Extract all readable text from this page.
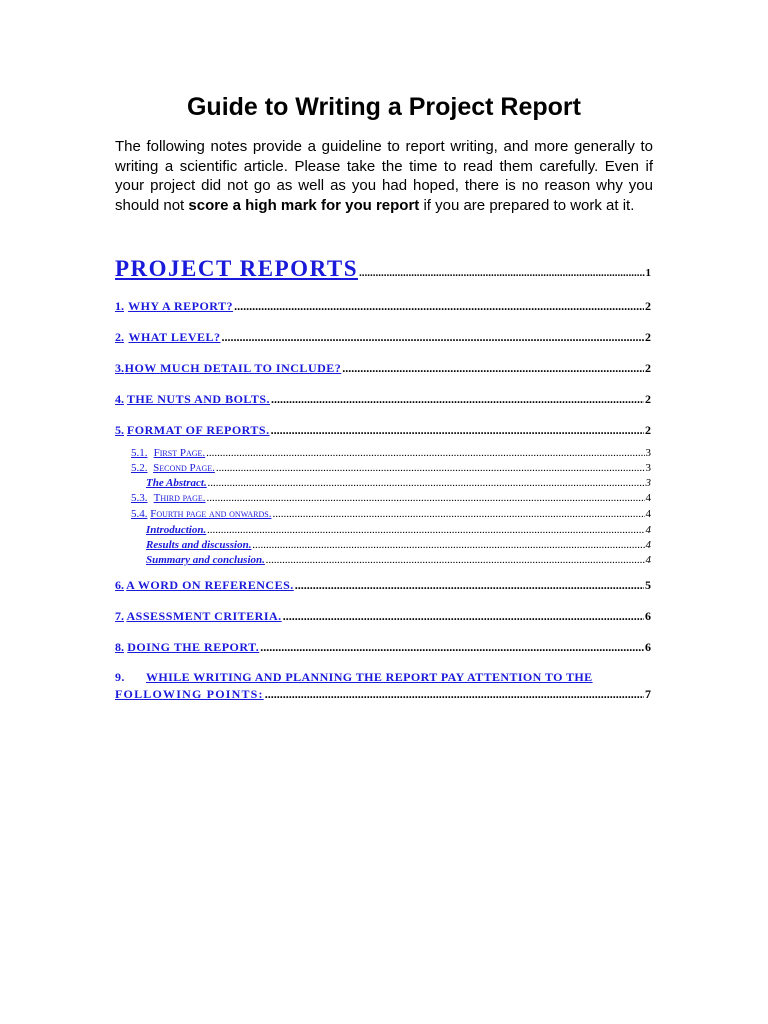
Guide to Writing a Project Report

The following notes provide a guideline to report writing, and more generally to writing a scientific article. Please take the time to read them carefully. Even if your project did not go as well as you had hoped, there is no reason why you should not score a high mark for you report if you are prepared to work at it.

PROJECT REPORTS .....	1
1. WHY A REPORT? .....	2
2. WHAT LEVEL? .....	2
3. HOW MUCH DETAIL TO INCLUDE? .....	2
4. THE NUTS AND BOLTS. .....	2
5. FORMAT OF REPORTS. .....	2
5.1. First Page. .....	3
5.2. Second Page. .....	3
The Abstract. .....	3
5.3. Third page. .....	4
5.4. Fourth page and onwards. .....	4
Introduction. .....	4
Results and discussion. .....	4
Summary and conclusion. .....	4
6. A WORD ON REFERENCES. .....	5
7. ASSESSMENT CRITERIA. .....	6
8. DOING THE REPORT. .....	6
9. WHILE WRITING AND PLANNING THE REPORT PAY ATTENTION TO THE
FOLLOWING POINTS: .....	7
